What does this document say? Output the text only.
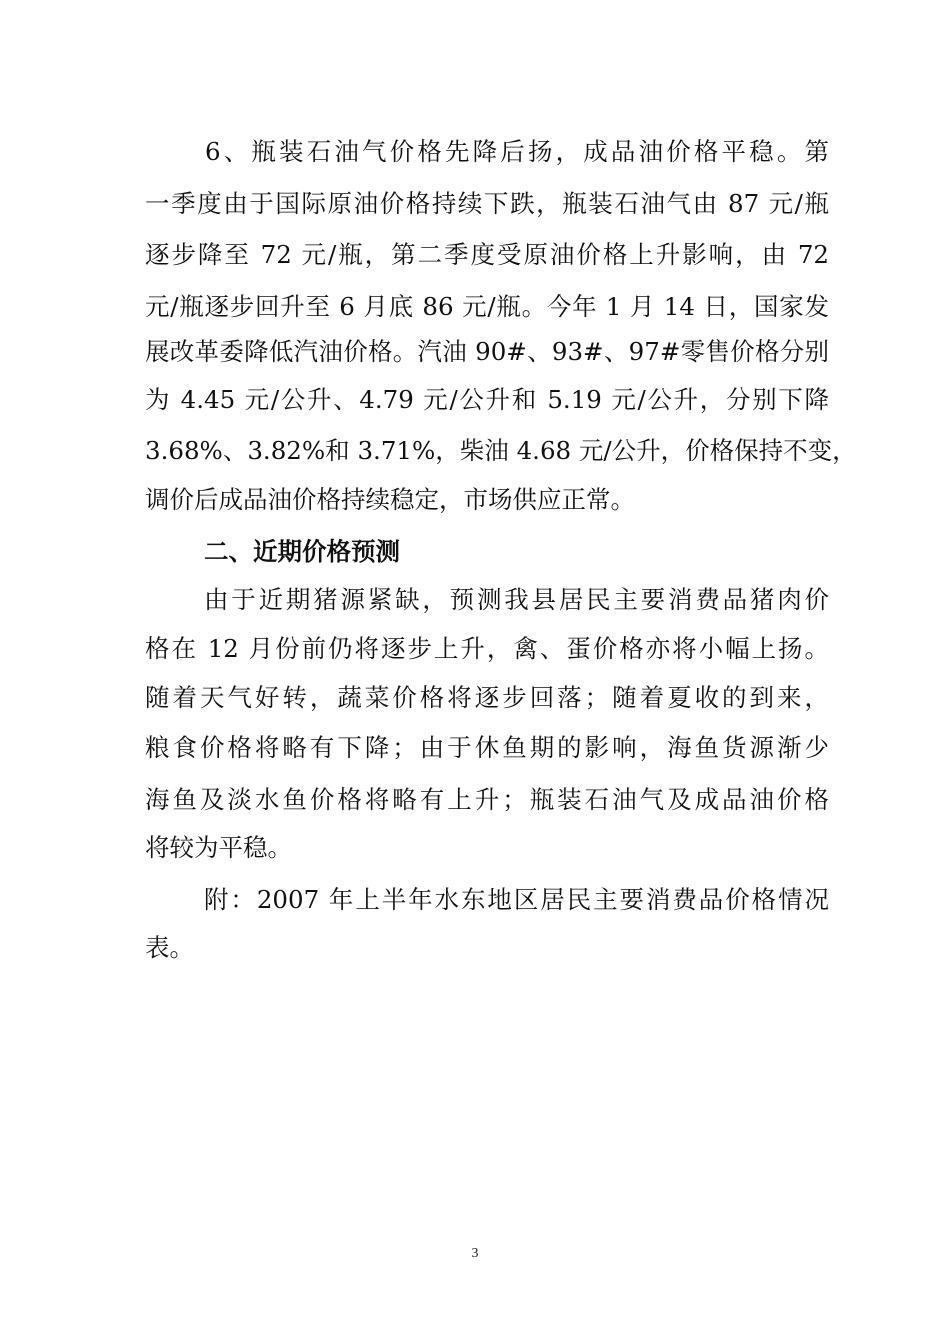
6、瓶装石油气价格先降后扬，成品油价格平稳。第
一季度由于国际原油价格持续下跌，瓶装石油气由 87 元/瓶
逐步降至 72 元/瓶，第二季度受原油价格上升影响，由 72
元/瓶逐步回升至 6 月底 86 元/瓶。今年 1 月 14 日，国家发
展改革委降低汽油价格。汽油 90#、93#、97#零售价格分别
为 4.45 元/公升、4.79 元/公升和 5.19 元/公升，分别下降
3.68%、3.82%和 3.71%，柴油 4.68 元/公升，价格保持不变，
调价后成品油价格持续稳定，市场供应正常。
二、近期价格预测
由于近期猪源紧缺，预测我县居民主要消费品猪肉价
格在 12 月份前仍将逐步上升，禽、蛋价格亦将小幅上扬。
随着天气好转，蔬菜价格将逐步回落；随着夏收的到来，
粮食价格将略有下降；由于休鱼期的影响，海鱼货源渐少
海鱼及淡水鱼价格将略有上升；瓶装石油气及成品油价格
将较为平稳。
附：2007 年上半年水东地区居民主要消费品价格情况
表。
3
